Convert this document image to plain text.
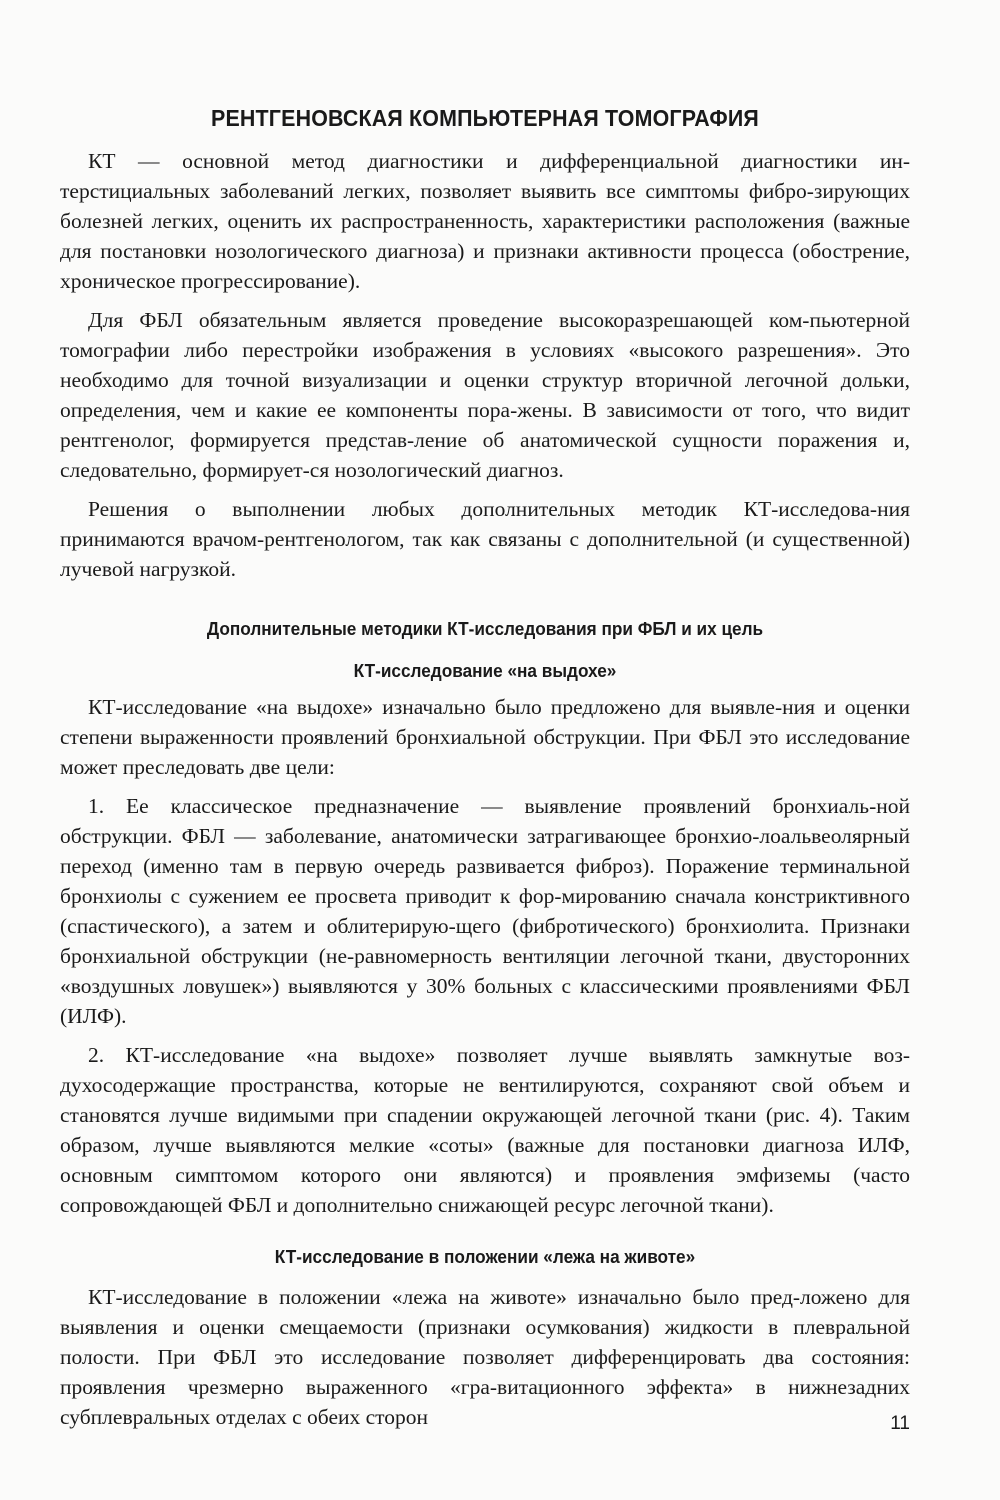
РЕНТГЕНОВСКАЯ КОМПЬЮТЕРНАЯ ТОМОГРАФИЯ

КТ — основной метод диагностики и дифференциальной диагностики ин-терстициальных заболеваний легких, позволяет выявить все симптомы фибро-зирующих болезней легких, оценить их распространенность, характеристики расположения (важные для постановки нозологического диагноза) и признаки активности процесса (обострение, хроническое прогрессирование).

Для ФБЛ обязательным является проведение высокоразрешающей ком-пьютерной томографии либо перестройки изображения в условиях «высокого разрешения». Это необходимо для точной визуализации и оценки структур вторичной легочной дольки, определения, чем и какие ее компоненты пора-жены. В зависимости от того, что видит рентгенолог, формируется представ-ление об анатомической сущности поражения и, следовательно, формирует-ся нозологический диагноз.

Решения о выполнении любых дополнительных методик КТ-исследова-ния принимаются врачом-рентгенологом, так как связаны с дополнительной (и существенной) лучевой нагрузкой.

Дополнительные методики КТ-исследования при ФБЛ и их цель
КТ-исследование «на выдохе»

КТ-исследование «на выдохе» изначально было предложено для выявле-ния и оценки степени выраженности проявлений бронхиальной обструкции. При ФБЛ это исследование может преследовать две цели:

1. Ее классическое предназначение — выявление проявлений бронхиаль-ной обструкции. ФБЛ — заболевание, анатомически затрагивающее бронхио-лоальвеолярный переход (именно там в первую очередь развивается фиброз). Поражение терминальной бронхиолы с сужением ее просвета приводит к фор-мированию сначала констриктивного (спастического), а затем и облитерирую-щего (фибротического) бронхиолита. Признаки бронхиальной обструкции (не-равномерность вентиляции легочной ткани, двусторонних «воздушных ловушек») выявляются у 30% больных с классическими проявлениями ФБЛ (ИЛФ).

2. КТ-исследование «на выдохе» позволяет лучше выявлять замкнутые воз-духосодержащие пространства, которые не вентилируются, сохраняют свой объем и становятся лучше видимыми при спадении окружающей легочной ткани (рис. 4). Таким образом, лучше выявляются мелкие «соты» (важные для постановки диагноза ИЛФ, основным симптомом которого они являются) и проявления эмфиземы (часто сопровождающей ФБЛ и дополнительно снижающей ресурс легочной ткани).

КТ-исследование в положении «лежа на животе»

КТ-исследование в положении «лежа на животе» изначально было пред-ложено для выявления и оценки смещаемости (признаки осумкования) жидкости в плевральной полости. При ФБЛ это исследование позволяет дифференцировать два состояния: проявления чрезмерно выраженного «гра-витационного эффекта» в нижнезадних субплевральных отделах с обеих сторон	11
